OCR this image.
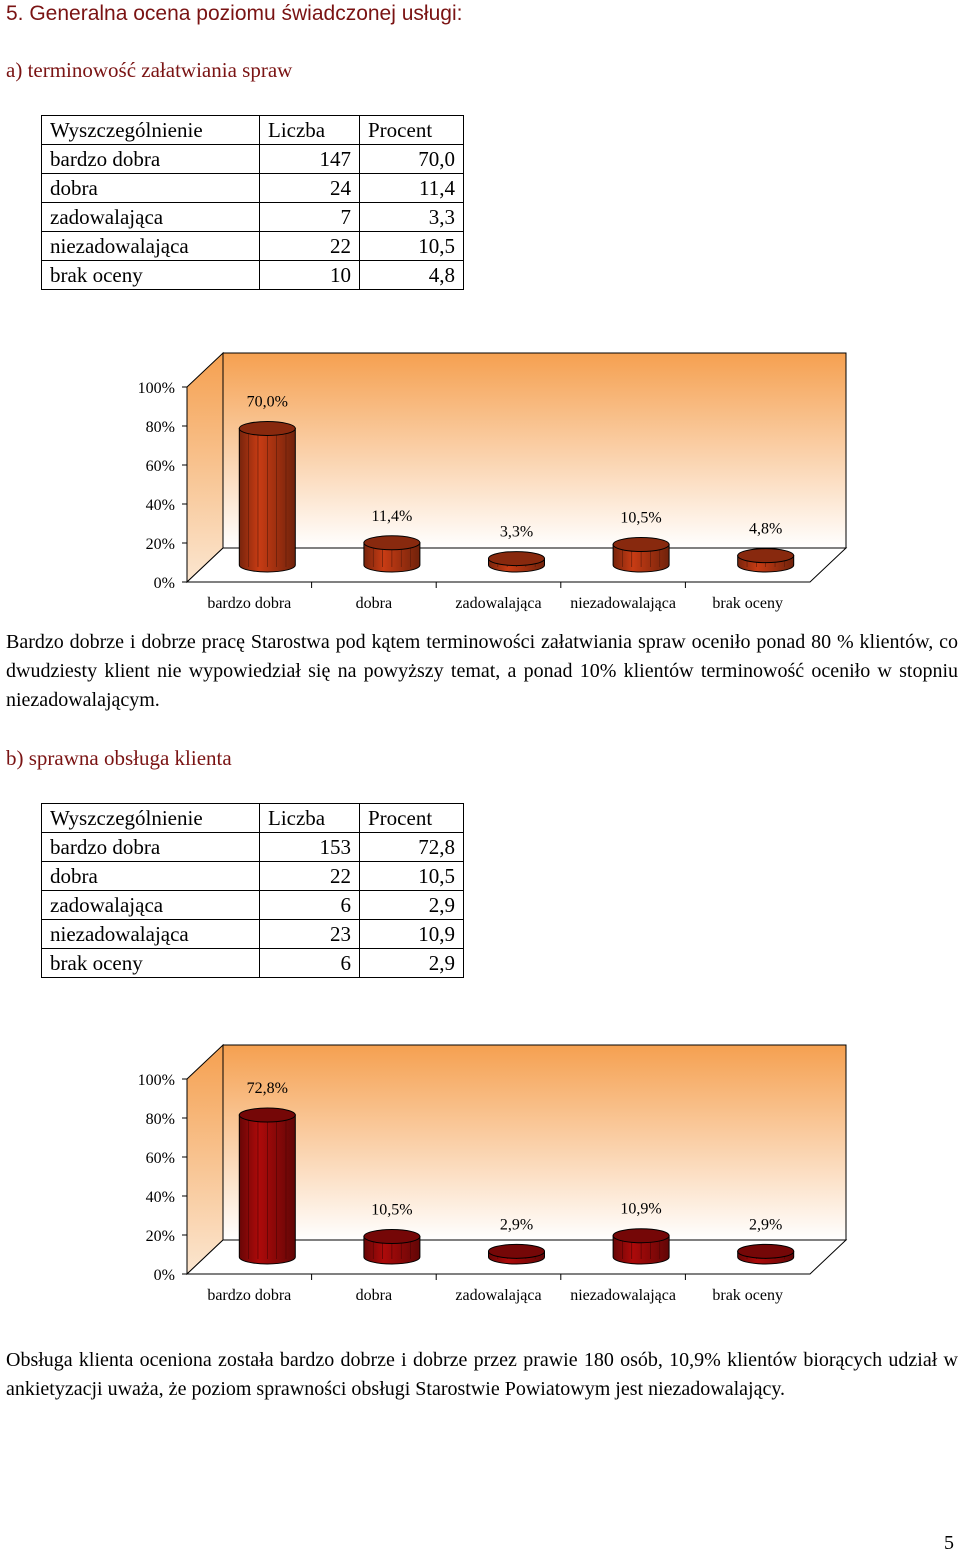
5. Generalna ocena poziomu świadczonej usługi:
a) terminowość załatwiania spraw
Wyszczególnienie	Liczba	Procent
bardzo dobra	147	70,0
dobra	24	11,4
zadowalająca	7	3,3
niezadowalająca	22	10,5
brak oceny	10	4,8
0%
20%
40%
60%
80%
100%
bardzo dobra
70,0%
dobra
11,4%
zadowalająca
3,3%
niezadowalająca
10,5%
brak oceny
4,8%
Bardzo dobrze i dobrze pracę Starostwa pod kątem terminowości załatwiania spraw oceniło ponad 80 % klientów, co dwudziesty klient nie wypowiedział się na powyższy temat, a ponad 10% klientów terminowość oceniło w stopniu niezadowalającym.
b) sprawna obsługa klienta
Wyszczególnienie	Liczba	Procent
bardzo dobra	153	72,8
dobra	22	10,5
zadowalająca	6	2,9
niezadowalająca	23	10,9
brak oceny	6	2,9
0%
20%
40%
60%
80%
100%
bardzo dobra
72,8%
dobra
10,5%
zadowalająca
2,9%
niezadowalająca
10,9%
brak oceny
2,9%
Obsługa klienta oceniona została bardzo dobrze i dobrze przez prawie 180 osób, 10,9% klientów biorących udział w ankietyzacji uważa, że poziom sprawności obsługi Starostwie Powiatowym jest niezadowalający.
5
